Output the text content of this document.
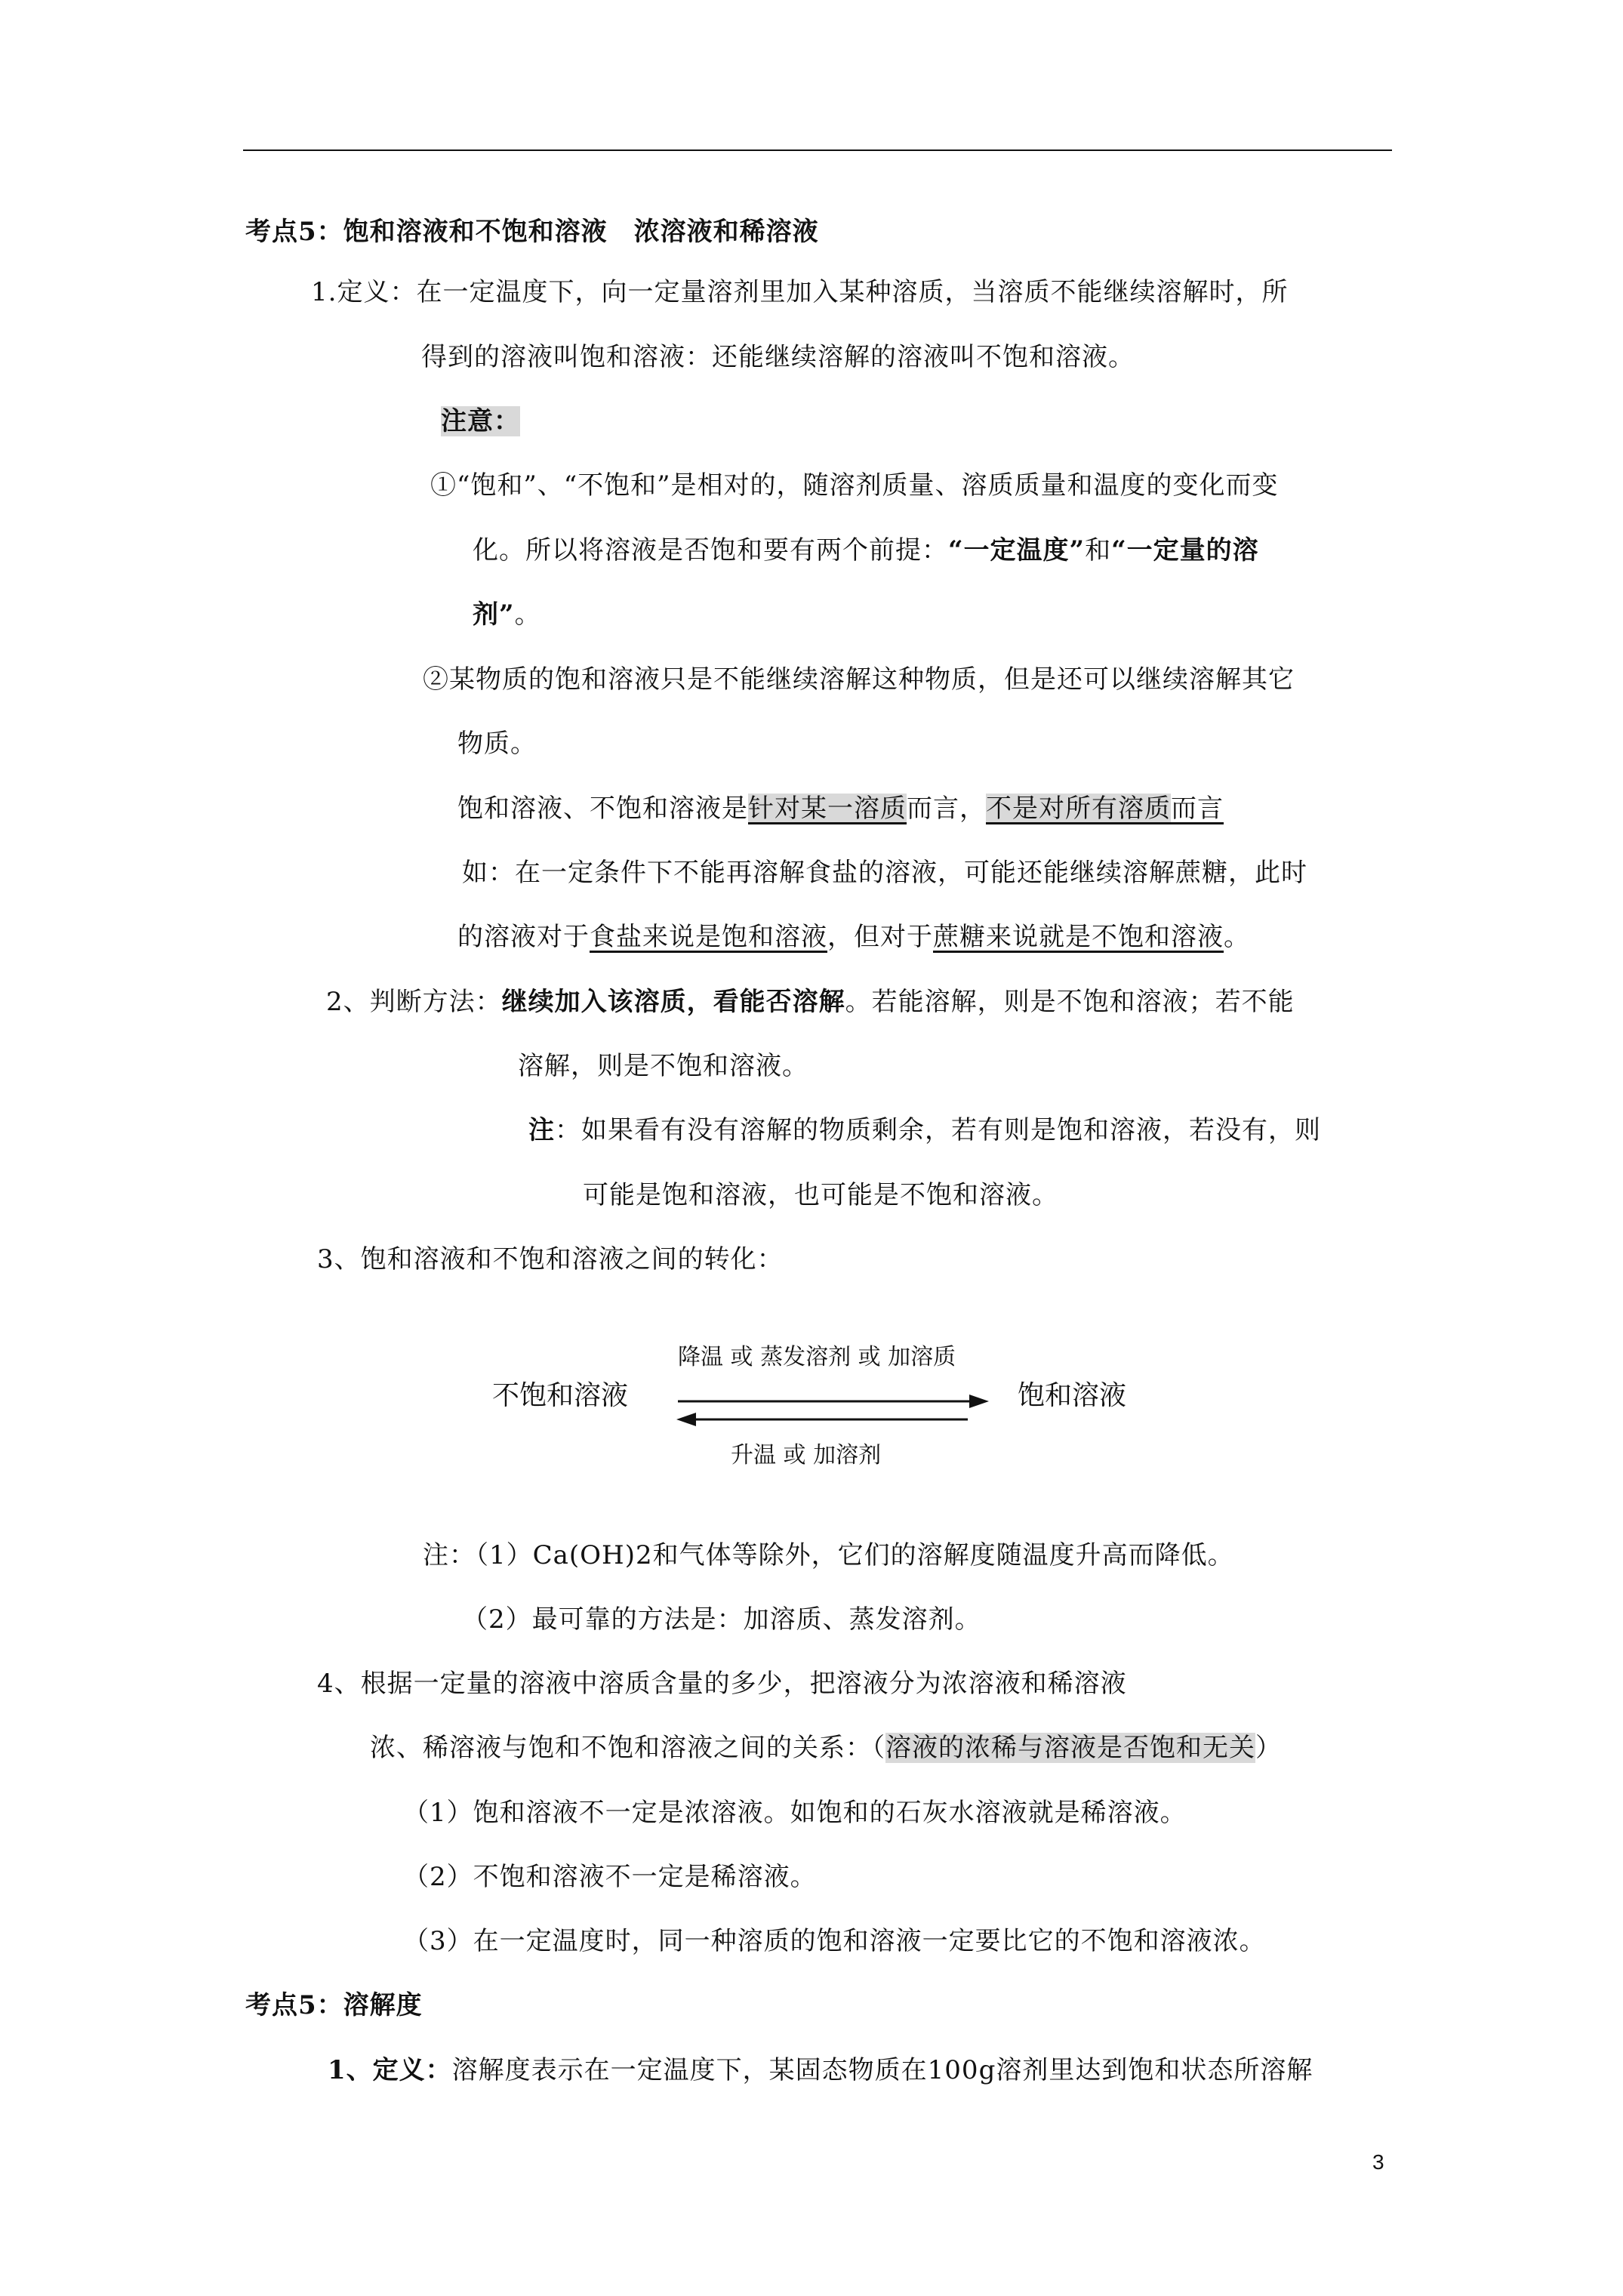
考点5：饱和溶液和不饱和溶液　浓溶液和稀溶液
1.定义：在一定温度下，向一定量溶剂里加入某种溶质，当溶质不能继续溶解时，所
得到的溶液叫饱和溶液：还能继续溶解的溶液叫不饱和溶液。
注意：
①“饱和”、“不饱和”是相对的，随溶剂质量、溶质质量和温度的变化而变
化。所以将溶液是否饱和要有两个前提：“一定温度”和“一定量的溶
剂”。
②某物质的饱和溶液只是不能继续溶解这种物质，但是还可以继续溶解其它
物质。
饱和溶液、不饱和溶液是针对某一溶质而言，不是对所有溶质而言
如：在一定条件下不能再溶解食盐的溶液，可能还能继续溶解蔗糖，此时
的溶液对于食盐来说是饱和溶液，但对于蔗糖来说就是不饱和溶液。
2、判断方法：继续加入该溶质，看能否溶解。若能溶解，则是不饱和溶液；若不能
溶解，则是不饱和溶液。
注：如果看有没有溶解的物质剩余，若有则是饱和溶液，若没有，则
可能是饱和溶液，也可能是不饱和溶液。
3、饱和溶液和不饱和溶液之间的转化：
降温 或 蒸发溶剂 或 加溶质
不饱和溶液	饱和溶液
升温 或 加溶剂
注：（1）Ca(OH)2和气体等除外，它们的溶解度随温度升高而降低。
（2）最可靠的方法是：加溶质、蒸发溶剂。
4、根据一定量的溶液中溶质含量的多少，把溶液分为浓溶液和稀溶液
浓、稀溶液与饱和不饱和溶液之间的关系：（溶液的浓稀与溶液是否饱和无关）
（1）饱和溶液不一定是浓溶液。如饱和的石灰水溶液就是稀溶液。
（2）不饱和溶液不一定是稀溶液。
（3）在一定温度时，同一种溶质的饱和溶液一定要比它的不饱和溶液浓。
考点5：溶解度
1、定义：溶解度表示在一定温度下，某固态物质在100g溶剂里达到饱和状态所溶解
3
